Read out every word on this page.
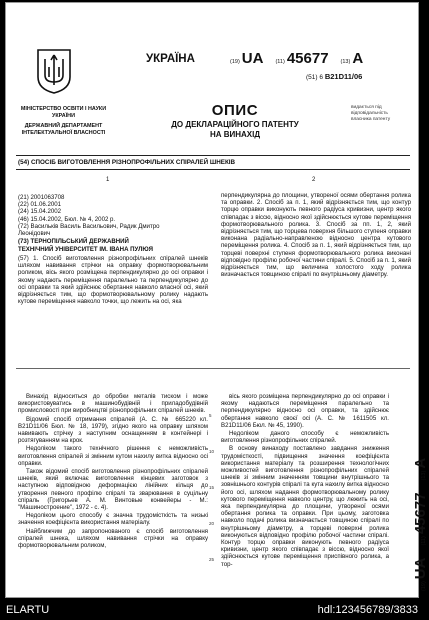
МІНІСТЕРСТВО ОСВІТИ І НАУКИ УКРАЇНИ
ДЕРЖАВНИЙ ДЕПАРТАМЕНТ ІНТЕЛЕКТУАЛЬНОЇ ВЛАСНОСТІ
УКРАЇНА	(19) UA (11) 45677 (13) A
(51) 6 B21D11/06
ОПИС
ДО ДЕКЛАРАЦІЙНОГО ПАТЕНТУ
НА ВИНАХІД
видається під відповідальність власника патенту
(54) СПОСІБ ВИГОТОВЛЕННЯ РІЗНОПРОФІЛЬНИХ СПІРАЛЕЙ ШНЕКІВ
1	2
(21) 2001063708
(22) 01.06.2001
(24) 15.04.2002
(46) 15.04.2002, Бюл. № 4, 2002 р.
(72) Васильків Василь Васильович, Радик Дмитро
Леонідович
(73) ТЕРНОПІЛЬСЬКИЙ ДЕРЖАВНИЙ
ТЕХНІЧНИЙ УНІВЕРСИТЕТ ІМ. ІВАНА ПУЛЮЯ
(57) 1. Спосіб виготовлення різнопрофільних спіралей шнеків шляхом навивання стрічки на оправку формотворювальним роликом, вісь якого розміщена перпендикулярно до осі оправки і якому надають переміщення паралельно та перпендикулярно до осі оправки та який здійснює обертання навколо власної осі, який відрізняється тим, що формотворювальному ролику надають кутове переміщення навколо точки, що лежить на осі, яка
перпендикулярна до площини, утвореної осями обертання ролика та оправки. 2. Спосіб за п. 1, який відрізняється тим, що контур торцю оправки виконують певного радіуса кривизни, центр якого співпадає з віссю, відносно якої здійснюється кутове переміщення формотворювального ролика. 3. Спосіб за пп. 1, 2, який відрізняється тим, що торцева поверхня більшого ступеня оправки виконана радіально-направленою відносно центра кутового переміщення ролика. 4. Спосіб за п. 1, який відрізняється тим, що торцеві поверхні ступеня формотворювального ролика виконані відповідно профілю робочої частини спіралі. 5. Спосіб за п. 1, який відрізняється тим, що величина холостого ходу ролика визначається товщиною спіралі по внутрішньому діаметру.

Винахід відноситься до обробки металів тиском і може використовуватись в машинобудівній і приладобудівній промисловості при виробництві різнопрофільних спіралей шнеків.

Відомий спосіб отримання спіралей (А. С. № 665220 кл. B21D11/06 Бюл. № 18, 1979), згідно якого на оправку шляхом навивають стрічку з наступним оснащенням в контейнері і розтягуванням на крок.

Недоліком такого технічного рішення є неможливість виготовлення спіралей зі змінним кутом нахилу витка відносно осі оправки.

Також відомий спосіб виготовлення різнопрофільних спіралей шнеків, який включає виготовлення кінцевих заготовок з наступною відповідною деформацією лінійних кільця до утворення певного профілю спіралі та зварювання в суцільну спіраль (Григорьев А. М. Винтовые конвейеры - М.: "Машиностроение", 1972 - с. 4).

Недоліком цього способу є значна трудомісткість та низькі значення коефіцієнта використання матеріалу.

Найближчим до запропонованого є спосіб виготовлення спіралей шнека, шляхом навивання стрічки на оправку формотворювальним роликом,

5
10
15
20
25

вісь якого розміщена перпендикулярно до осі оправки і якому надаються переміщення паралельно та перпендикулярно відносно осі оправки, та здійснює обертання навколо своєї осі (А. С. № 1611505 кл. B21D11/06 Бюл. № 45, 1990).

Недоліком даного способу є неможливість виготовлення різнопрофільних спіралей.

В основу винаходу поставлено завдання зниження трудомісткості, підвищення значення коефіцієнта використання матеріалу та розширення технологічних можливостей виготовлення різнопрофільних спіралей шнеків зі змінним значенням товщини внутрішнього та зовнішнього контурів спіралі та кута нахилу витка відносно його осі, шляхом надання формотворювальному ролику кутового переміщення навколо центру, що лежить на осі, яка перпендикулярна до площини, утвореної осями обертання ролика та оправки. При цьому, заготовка навколо подачі ролика визначається товщиною спіралі по внутрішньому діаметру, а торцеві поверхні ролика виконуються відповідно профілю робочої частини спіралі. Контур торцю оправки виконують певного радіуса кривизни, центр якого співпадає з віссю, відносно якої здійснюється кутове переміщення приспівного ролика, а тор-

(19)
UA
(11)
45677
(13)
A
ELARTU	hdl:123456789/3833
